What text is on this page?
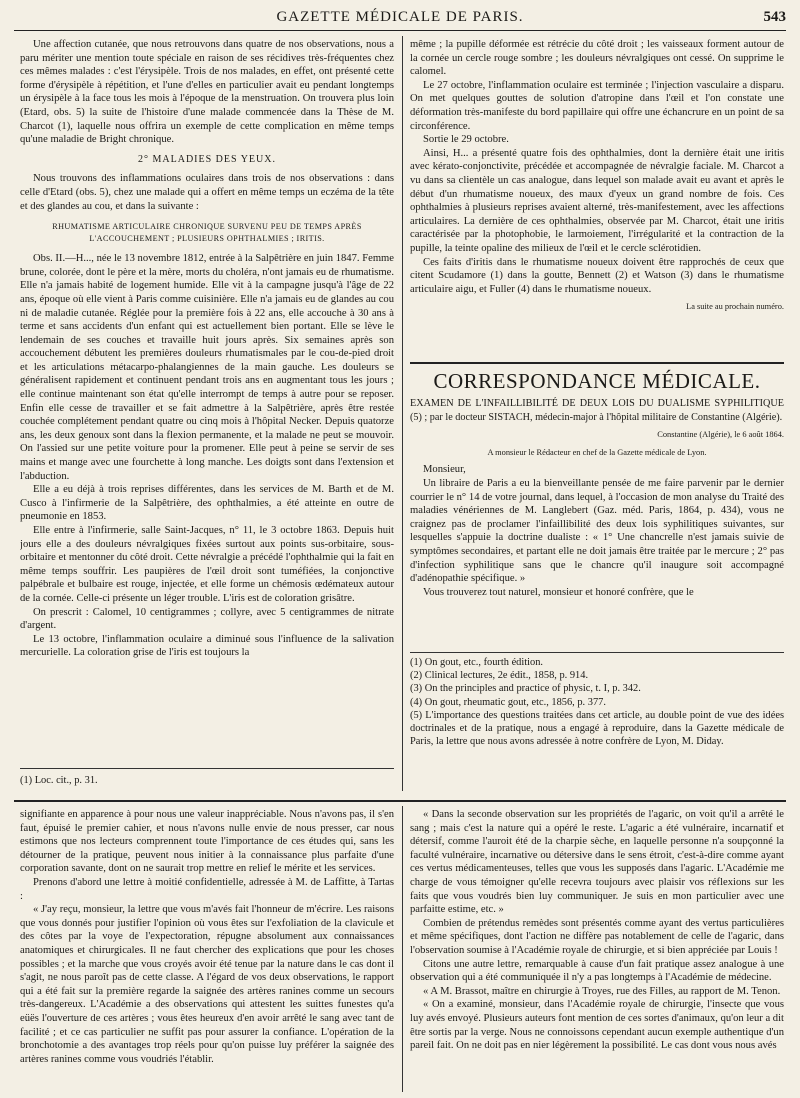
GAZETTE MÉDICALE DE PARIS.	543

Une affection cutanée, que nous retrouvons dans quatre de nos observations, nous a paru mériter une mention toute spéciale en raison de ses récidives très-fréquentes chez ces mêmes malades : c'est l'érysipèle. Trois de nos malades, en effet, ont présenté cette forme d'érysipèle à répétition, et l'une d'elles en particulier avait eu pendant longtemps un érysipèle à la face tous les mois à l'époque de la menstruation. On trouvera plus loin (Etard, obs. 5) la suite de l'histoire d'une malade commencée dans la Thèse de M. Charcot (1), laquelle nous offrira un exemple de cette complication en même temps qu'une maladie de Bright chronique.

2° MALADIES DES YEUX.

Nous trouvons des inflammations oculaires dans trois de nos observations : dans celle d'Etard (obs. 5), chez une malade qui a offert en même temps un eczéma de la tête et des glandes au cou, et dans la suivante :

RHUMATISME ARTICULAIRE CHRONIQUE SURVENU PEU DE TEMPS APRÈS L'ACCOUCHEMENT ; PLUSIEURS OPHTHALMIES ; IRITIS.

Obs. II.—H..., née le 13 novembre 1812, entrée à la Salpêtrière en juin 1847. Femme brune, colorée, dont le père et la mère, morts du choléra, n'ont jamais eu de rhumatisme. Elle n'a jamais habité de logement humide. Elle vit à la campagne jusqu'à l'âge de 22 ans, époque où elle vient à Paris comme cuisinière. Elle n'a jamais eu de glandes au cou ni de maladie cutanée. Réglée pour la première fois à 22 ans, elle accouche à 30 ans à terme et sans accidents d'un enfant qui est actuellement bien portant. Elle se lève le lendemain de ses couches et travaille huit jours après. Six semaines après son accouchement débutent les premières douleurs rhumatismales par le cou-de-pied droit et les articulations métacarpo-phalangiennes de la main gauche. Les douleurs se généralisent rapidement et continuent pendant trois ans en augmentant tous les jours ; elle continue maintenant son état qu'elle interrompt de temps à autre pour se reposer. Enfin elle cesse de travailler et se fait admettre à la Salpêtrière, après être restée couchée complétement pendant quatre ou cinq mois à l'hôpital Necker. Depuis quatorze ans, les deux genoux sont dans la flexion permanente, et la malade ne peut se mouvoir. On l'assied sur une petite voiture pour la promener. Elle peut à peine se servir de ses mains et mange avec une fourchette à long manche. Les doigts sont dans l'extension et l'abduction.

Elle a eu déjà à trois reprises différentes, dans les services de M. Barth et de M. Cusco à l'infirmerie de la Salpêtrière, des ophthalmies, a été atteinte en outre de pneumonie en 1853.

Elle entre à l'infirmerie, salle Saint-Jacques, n° 11, le 3 octobre 1863. Depuis huit jours elle a des douleurs névralgiques fixées surtout aux points sus-orbitaire, sous-orbitaire et mentonner du côté droit. Cette névralgie a précédé l'ophthalmie qui la fait en même temps souffrir. Les paupières de l'œil droit sont tuméfiées, la conjonctive palpébrale et bulbaire est rouge, injectée, et elle forme un chémosis œdémateux autour de la cornée. Celle-ci présente un léger trouble. L'iris est de coloration grisâtre.

On prescrit : Calomel, 10 centigrammes ; collyre, avec 5 centigrammes de nitrate d'argent.

Le 13 octobre, l'inflammation oculaire a diminué sous l'influence de la salivation mercurielle. La coloration grise de l'iris est toujours la

(1) Loc. cit., p. 31.

même ; la pupille déformée est rétrécie du côté droit ; les vaisseaux forment autour de la cornée un cercle rouge sombre ; les douleurs névralgiques ont cessé. On supprime le calomel.

Le 27 octobre, l'inflammation oculaire est terminée ; l'injection vasculaire a disparu. On met quelques gouttes de solution d'atropine dans l'œil et l'on constate une déformation très-manifeste du bord papillaire qui offre une échancrure en un point de sa circonférence.

Sortie le 29 octobre.

Ainsi, H... a présenté quatre fois des ophthalmies, dont la dernière était une iritis avec kérato-conjonctivite, précédée et accompagnée de névralgie faciale. M. Charcot a vu dans sa clientèle un cas analogue, dans lequel son malade avait eu avant et après le début d'un rhumatisme noueux, des maux d'yeux un grand nombre de fois. Ces ophthalmies à plusieurs reprises avaient alterné, très-manifestement, avec les affections articulaires. La dernière de ces ophthalmies, observée par M. Charcot, était une iritis caractérisée par la photophobie, le larmoiement, l'irrégularité et la contraction de la pupille, la teinte opaline des milieux de l'œil et le cercle sclérotidien.

Ces faits d'iritis dans le rhumatisme noueux doivent être rapprochés de ceux que citent Scudamore (1) dans la goutte, Bennett (2) et Watson (3) dans le rhumatisme articulaire aigu, et Fuller (4) dans le rhumatisme noueux.

La suite au prochain numéro.
CORRESPONDANCE MÉDICALE.

EXAMEN DE L'INFAILLIBILITÉ DE DEUX LOIS DU DUALISME SYPHILITIQUE (5) ; par le docteur SISTACH, médecin-major à l'hôpital militaire de Constantine (Algérie).

Constantine (Algérie), le 6 août 1864.
A monsieur le Rédacteur en chef de la Gazette médicale de Lyon.

Monsieur,

Un libraire de Paris a eu la bienveillante pensée de me faire parvenir par le dernier courrier le n° 14 de votre journal, dans lequel, à l'occasion de mon analyse du Traité des maladies vénériennes de M. Langlebert (Gaz. méd. Paris, 1864, p. 434), vous ne craignez pas de proclamer l'infaillibilité des deux lois syphilitiques suivantes, sur lesquelles s'appuie la doctrine dualiste : « 1° Une chancrelle n'est jamais suivie de symptômes secondaires, et partant elle ne doit jamais être traitée par le mercure ; 2° pas d'infection syphilitique sans que le chancre qu'il inaugure soit accompagné d'adénopathie spécifique. »

Vous trouverez tout naturel, monsieur et honoré confrère, que le

(1) On gout, etc., fourth édition.

(2) Clinical lectures, 2e édit., 1858, p. 914.

(3) On the principles and practice of physic, t. I, p. 342.

(4) On gout, rheumatic gout, etc., 1856, p. 377.

(5) L'importance des questions traitées dans cet article, au double point de vue des idées doctrinales et de la pratique, nous a engagé à reproduire, dans la Gazette médicale de Paris, la lettre que nous avons adressée à notre confrère de Lyon, M. Diday.

signifiante en apparence à pour nous une valeur inappréciable. Nous n'avons pas, il s'en faut, épuisé le premier cahier, et nous n'avons nulle envie de nous presser, car nous estimons que nos lecteurs comprennent toute l'importance de ces études qui, sans les détourner de la pratique, peuvent nous initier à la connaissance plus parfaite d'une corporation savante, dont on ne saurait trop mettre en relief le mérite et les services.

Prenons d'abord une lettre à moitié confidentielle, adressée à M. de Laffitte, à Tartas :

« J'ay reçu, monsieur, la lettre que vous m'avés fait l'honneur de m'écrire. Les raisons que vous donnés pour justifier l'opinion où vous êtes sur l'exfoliation de la clavicule et des côtes par la voye de l'expectoration, répugne absolument aux connaissances anatomiques et chirurgicales. Il ne faut chercher des explications que pour les choses possibles ; et la marche que vous croyés avoir été tenue par la nature dans le cas dont il s'agit, ne nous paroît pas de cette classe. A l'égard de vos deux observations, le rapport qui a été fait sur la première regarde la saignée des artères ranines comme un secours très-dangereux. L'Académie a des observations qui attestent les suittes funestes qu'a eüës l'ouverture de ces artères ; vous êtes heureux d'en avoir arrêté le sang avec tant de facilité ; et ce cas particulier ne suffit pas pour assurer la confiance. L'opération de la bronchotomie a des avantages trop réels pour qu'on puisse luy préférer la saignée des artères ranines comme vous voudriés l'établir.

« Dans la seconde observation sur les propriétés de l'agaric, on voit qu'il a arrêté le sang ; mais c'est la nature qui a opéré le reste. L'agaric a été vulnéraire, incarnatif et détersif, comme l'auroit été de la charpie sèche, en laquelle personne n'a soupçonné la faculté vulnéraire, incarnative ou détersive dans le sens étroit, c'est-à-dire comme ayant ces vertus médicamenteuses, telles que vous les supposés dans l'agaric. L'Académie me charge de vous témoigner qu'elle recevra toujours avec plaisir vos réflexions sur les faits que vous voudrés bien luy communiquer. Je suis en mon particulier avec une parfaitte estime, etc. »

Combien de prétendus remèdes sont présentés comme ayant des vertus particulières et même spécifiques, dont l'action ne diffère pas notablement de celle de l'agaric, dans l'observation soumise à l'Académie royale de chirurgie, et si bien appréciée par Louis !

Citons une autre lettre, remarquable à cause d'un fait pratique assez analogue à une observation qui a été communiquée il n'y a pas longtemps à l'Académie de médecine.

« A M. Brassot, maître en chirurgie à Troyes, rue des Filles, au rapport de M. Tenon.

« On a examiné, monsieur, dans l'Académie royale de chirurgie, l'insecte que vous luy avés envoyé. Plusieurs auteurs font mention de ces sortes d'animaux, qu'on leur a dit être sortis par la verge. Nous ne connoissons cependant aucun exemple authentique d'un pareil fait. On ne doit pas en nier légèrement la possibilité. Le cas dont vous nous avés
